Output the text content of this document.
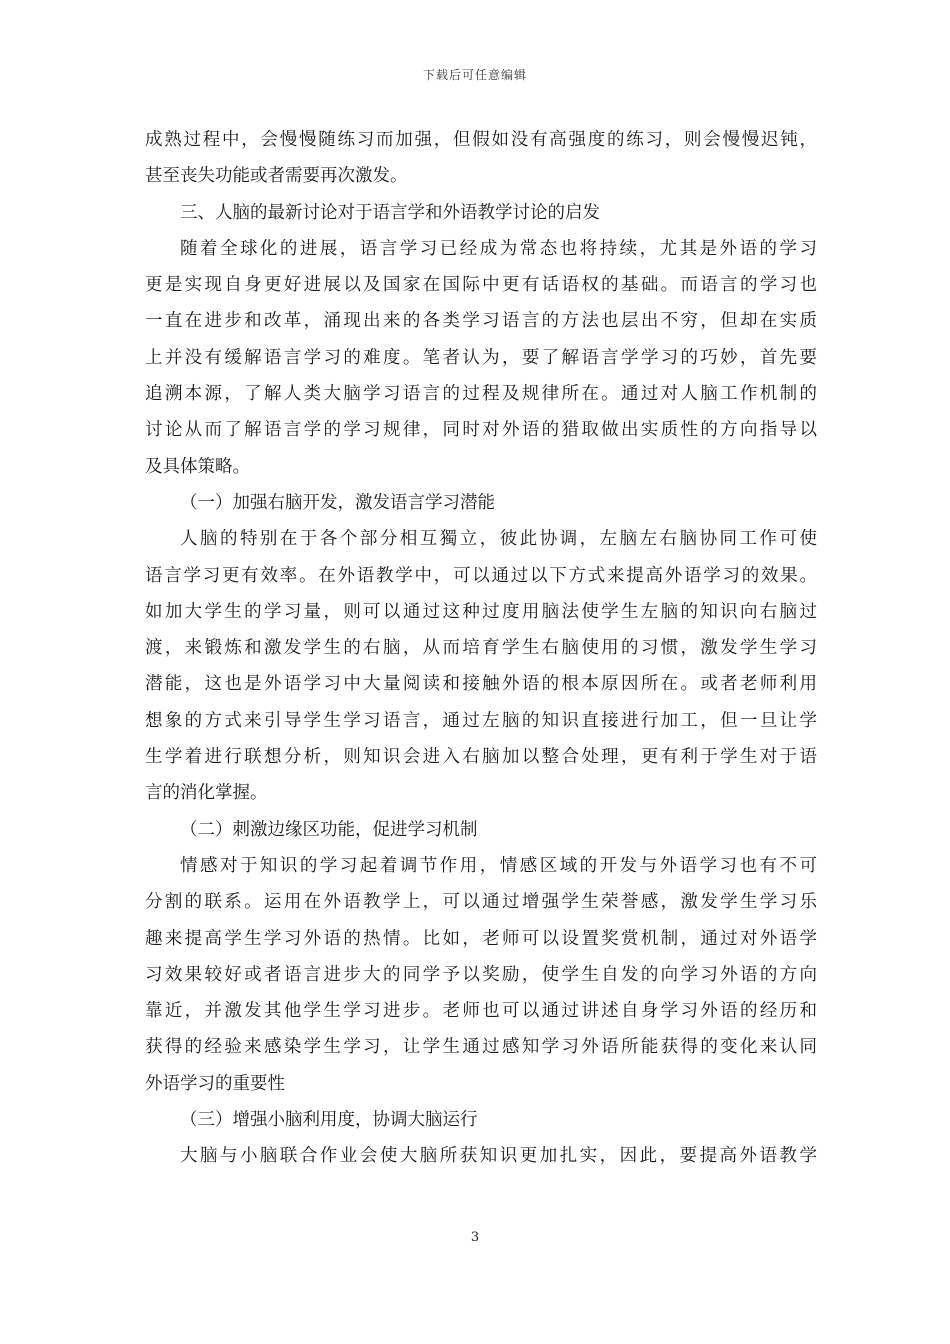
下载后可任意编辑
成熟过程中，会慢慢随练习而加强，但假如没有高强度的练习，则会慢慢迟钝，
甚至丧失功能或者需要再次激发。
三、人脑的最新讨论对于语言学和外语教学讨论的启发
随着全球化的进展，语言学习已经成为常态也将持续，尤其是外语的学习
更是实现自身更好进展以及国家在国际中更有话语权的基础。而语言的学习也
一直在进步和改革，涌现出来的各类学习语言的方法也层出不穷，但却在实质
上并没有缓解语言学习的难度。笔者认为，要了解语言学学习的巧妙，首先要
追溯本源，了解人类大脑学习语言的过程及规律所在。通过对人脑工作机制的
讨论从而了解语言学的学习规律，同时对外语的猎取做出实质性的方向指导以
及具体策略。
（一）加强右脑开发，激发语言学习潜能
人脑的特别在于各个部分相互獨立，彼此协调，左脑左右脑协同工作可使
语言学习更有效率。在外语教学中，可以通过以下方式来提高外语学习的效果。
如加大学生的学习量，则可以通过这种过度用脑法使学生左脑的知识向右脑过
渡，来锻炼和激发学生的右脑，从而培育学生右脑使用的习惯，激发学生学习
潜能，这也是外语学习中大量阅读和接触外语的根本原因所在。或者老师利用
想象的方式来引导学生学习语言，通过左脑的知识直接进行加工，但一旦让学
生学着进行联想分析，则知识会进入右脑加以整合处理，更有利于学生对于语
言的消化掌握。
（二）刺激边缘区功能，促进学习机制
情感对于知识的学习起着调节作用，情感区域的开发与外语学习也有不可
分割的联系。运用在外语教学上，可以通过增强学生荣誉感，激发学生学习乐
趣来提高学生学习外语的热情。比如，老师可以设置奖赏机制，通过对外语学
习效果较好或者语言进步大的同学予以奖励，使学生自发的向学习外语的方向
靠近，并激发其他学生学习进步。老师也可以通过讲述自身学习外语的经历和
获得的经验来感染学生学习，让学生通过感知学习外语所能获得的变化来认同
外语学习的重要性
（三）增强小脑利用度，协调大脑运行
大脑与小脑联合作业会使大脑所获知识更加扎实，因此，要提高外语教学
3
